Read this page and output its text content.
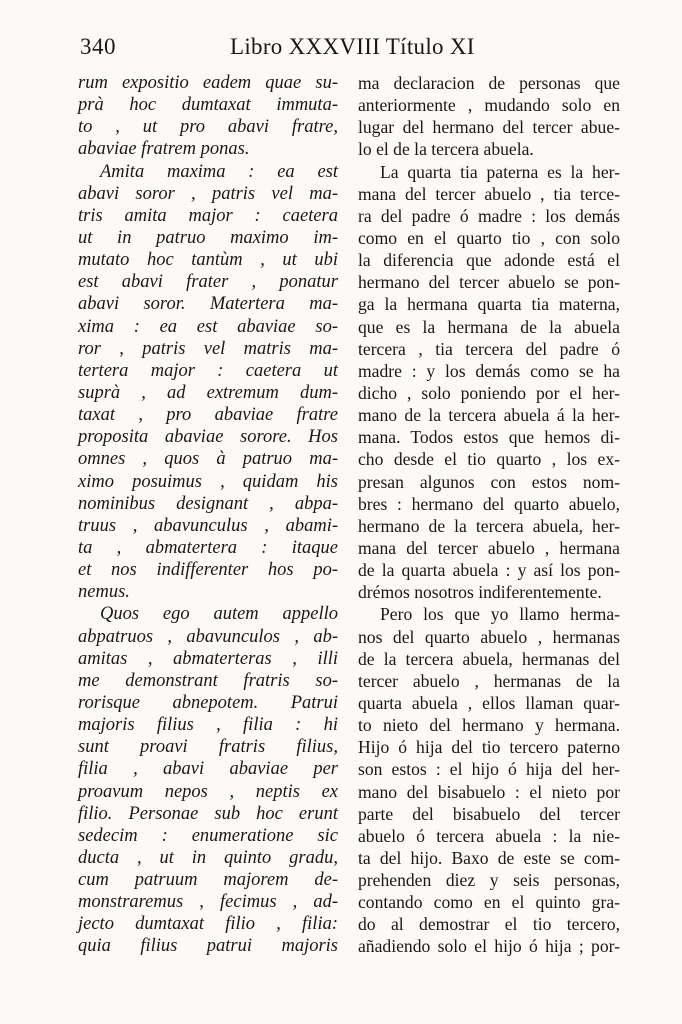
340	Libro XXXVIII Título XI
rum expositio eadem quae su-
prà hoc dumtaxat immuta-
to , ut pro abavi fratre,
abaviae fratrem ponas.
Amita maxima : ea est
abavi soror , patris vel ma-
tris amita major : caetera
ut in patruo maximo im-
mutato hoc tantùm , ut ubi
est abavi frater , ponatur
abavi soror. Matertera ma-
xima : ea est abaviae so-
ror , patris vel matris ma-
tertera major : caetera ut
suprà , ad extremum dum-
taxat , pro abaviae fratre
proposita abaviae sorore. Hos
omnes , quos à patruo ma-
ximo posuimus , quidam his
nominibus designant , abpa-
truus , abavunculus , abami-
ta , abmatertera : itaque
et nos indifferenter hos po-
nemus.
Quos ego autem appello
abpatruos , abavunculos , ab-
amitas , abmaterteras , illi
me demonstrant fratris so-
rorisque abnepotem. Patrui
majoris filius , filia : hi
sunt proavi fratris filius,
filia , abavi abaviae per
proavum nepos , neptis ex
filio. Personae sub hoc erunt
sedecim : enumeratione sic
ducta , ut in quinto gradu,
cum patruum majorem de-
monstraremus , fecimus , ad-
jecto dumtaxat filio , filia:
quia filius patrui majoris
ma declaracion de personas que
anteriormente , mudando solo en
lugar del hermano del tercer abue-
lo el de la tercera abuela.
La quarta tia paterna es la her-
mana del tercer abuelo , tia terce-
ra del padre ó madre : los demás
como en el quarto tio , con solo
la diferencia que adonde está el
hermano del tercer abuelo se pon-
ga la hermana quarta tia materna,
que es la hermana de la abuela
tercera , tia tercera del padre ó
madre : y los demás como se ha
dicho , solo poniendo por el her-
mano de la tercera abuela á la her-
mana. Todos estos que hemos di-
cho desde el tio quarto , los ex-
presan algunos con estos nom-
bres : hermano del quarto abuelo,
hermano de la tercera abuela, her-
mana del tercer abuelo , hermana
de la quarta abuela : y así los pon-
drémos nosotros indiferentemente.
Pero los que yo llamo herma-
nos del quarto abuelo , hermanas
de la tercera abuela, hermanas del
tercer abuelo , hermanas de la
quarta abuela , ellos llaman quar-
to nieto del hermano y hermana.
Hijo ó hija del tio tercero paterno
son estos : el hijo ó hija del her-
mano del bisabuelo : el nieto por
parte del bisabuelo del tercer
abuelo ó tercera abuela : la nie-
ta del hijo. Baxo de este se com-
prehenden diez y seis personas,
contando como en el quinto gra-
do al demostrar el tio tercero,
añadiendo solo el hijo ó hija ; por-
